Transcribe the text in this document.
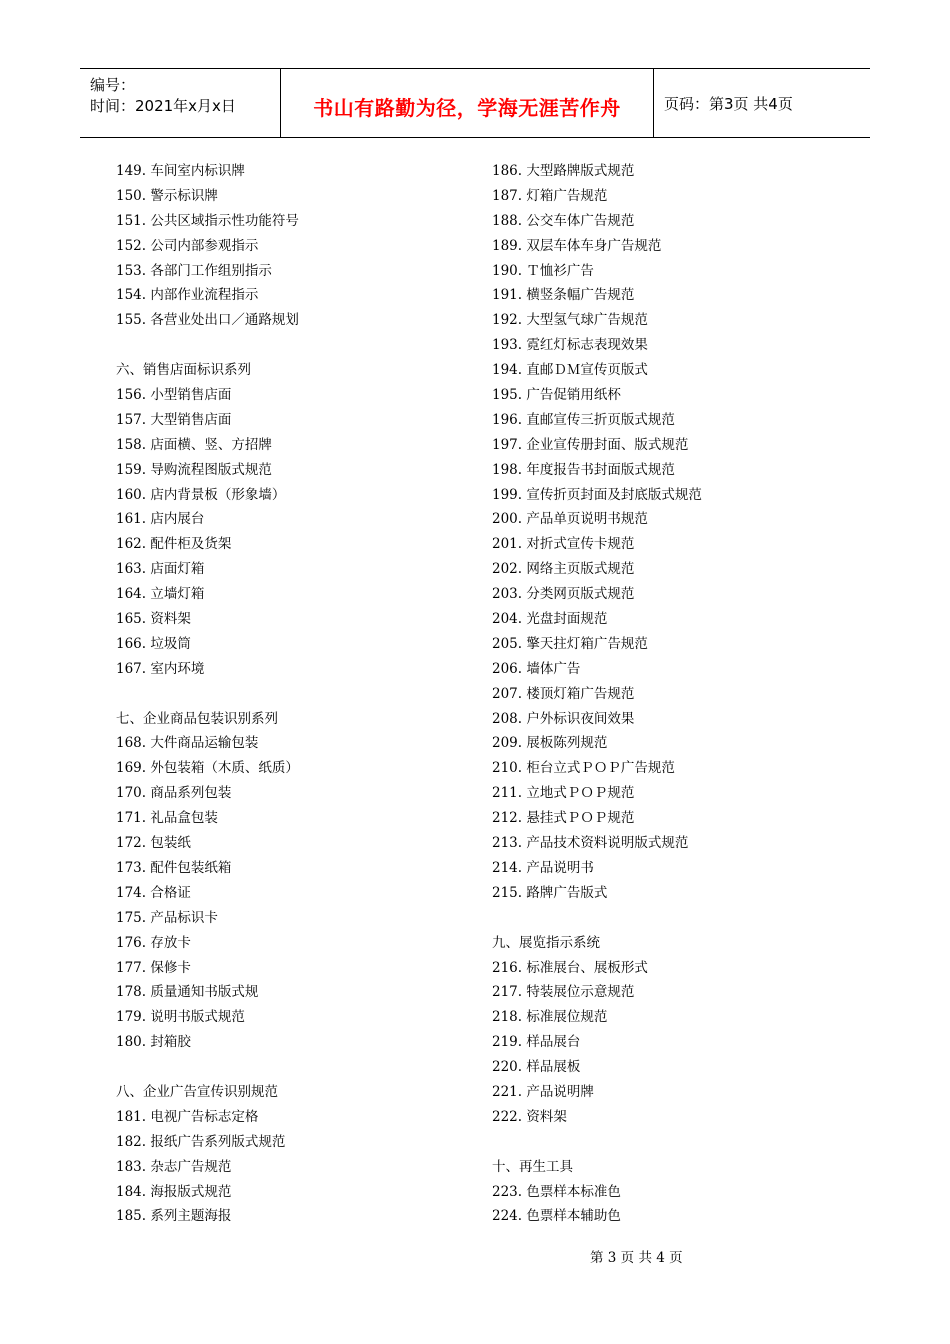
编号：
时间：2021年x月x日	书山有路勤为径，学海无涯苦作舟	页码：第3页 共4页
149. 车间室内标识牌
150. 警示标识牌
151. 公共区域指示性功能符号
152. 公司内部参观指示
153. 各部门工作组别指示
154. 内部作业流程指示
155. 各营业处出口／通路规划
六、销售店面标识系列
156. 小型销售店面
157. 大型销售店面
158. 店面横、竖、方招牌
159. 导购流程图版式规范
160. 店内背景板（形象墙）
161. 店内展台
162. 配件柜及货架
163. 店面灯箱
164. 立墙灯箱
165. 资料架
166. 垃圾筒
167. 室内环境
七、企业商品包装识别系列
168. 大件商品运输包装
169. 外包装箱（木质、纸质）
170. 商品系列包装
171. 礼品盒包装
172. 包装纸
173. 配件包装纸箱
174. 合格证
175. 产品标识卡
176. 存放卡
177. 保修卡
178. 质量通知书版式规
179. 说明书版式规范
180. 封箱胶
八、企业广告宣传识别规范
181. 电视广告标志定格
182. 报纸广告系列版式规范
183. 杂志广告规范
184. 海报版式规范
185. 系列主题海报
186. 大型路牌版式规范
187. 灯箱广告规范
188. 公交车体广告规范
189. 双层车体车身广告规范
190. Ｔ恤衫广告
191. 横竖条幅广告规范
192. 大型氢气球广告规范
193. 霓红灯标志表现效果
194. 直邮ＤＭ宣传页版式
195. 广告促销用纸杯
196. 直邮宣传三折页版式规范
197. 企业宣传册封面、版式规范
198. 年度报告书封面版式规范
199. 宣传折页封面及封底版式规范
200. 产品单页说明书规范
201. 对折式宣传卡规范
202. 网络主页版式规范
203. 分类网页版式规范
204. 光盘封面规范
205. 擎天拄灯箱广告规范
206. 墙体广告
207. 楼顶灯箱广告规范
208. 户外标识夜间效果
209. 展板陈列规范
210. 柜台立式ＰＯＰ广告规范
211. 立地式ＰＯＰ规范
212. 悬挂式ＰＯＰ规范
213. 产品技术资料说明版式规范
214. 产品说明书
215. 路牌广告版式
九、展览指示系统
216. 标准展台、展板形式
217. 特装展位示意规范
218. 标准展位规范
219. 样品展台
220. 样品展板
221. 产品说明牌
222. 资料架
十、再生工具
223. 色票样本标准色
224. 色票样本辅助色
第 3 页 共 4 页
